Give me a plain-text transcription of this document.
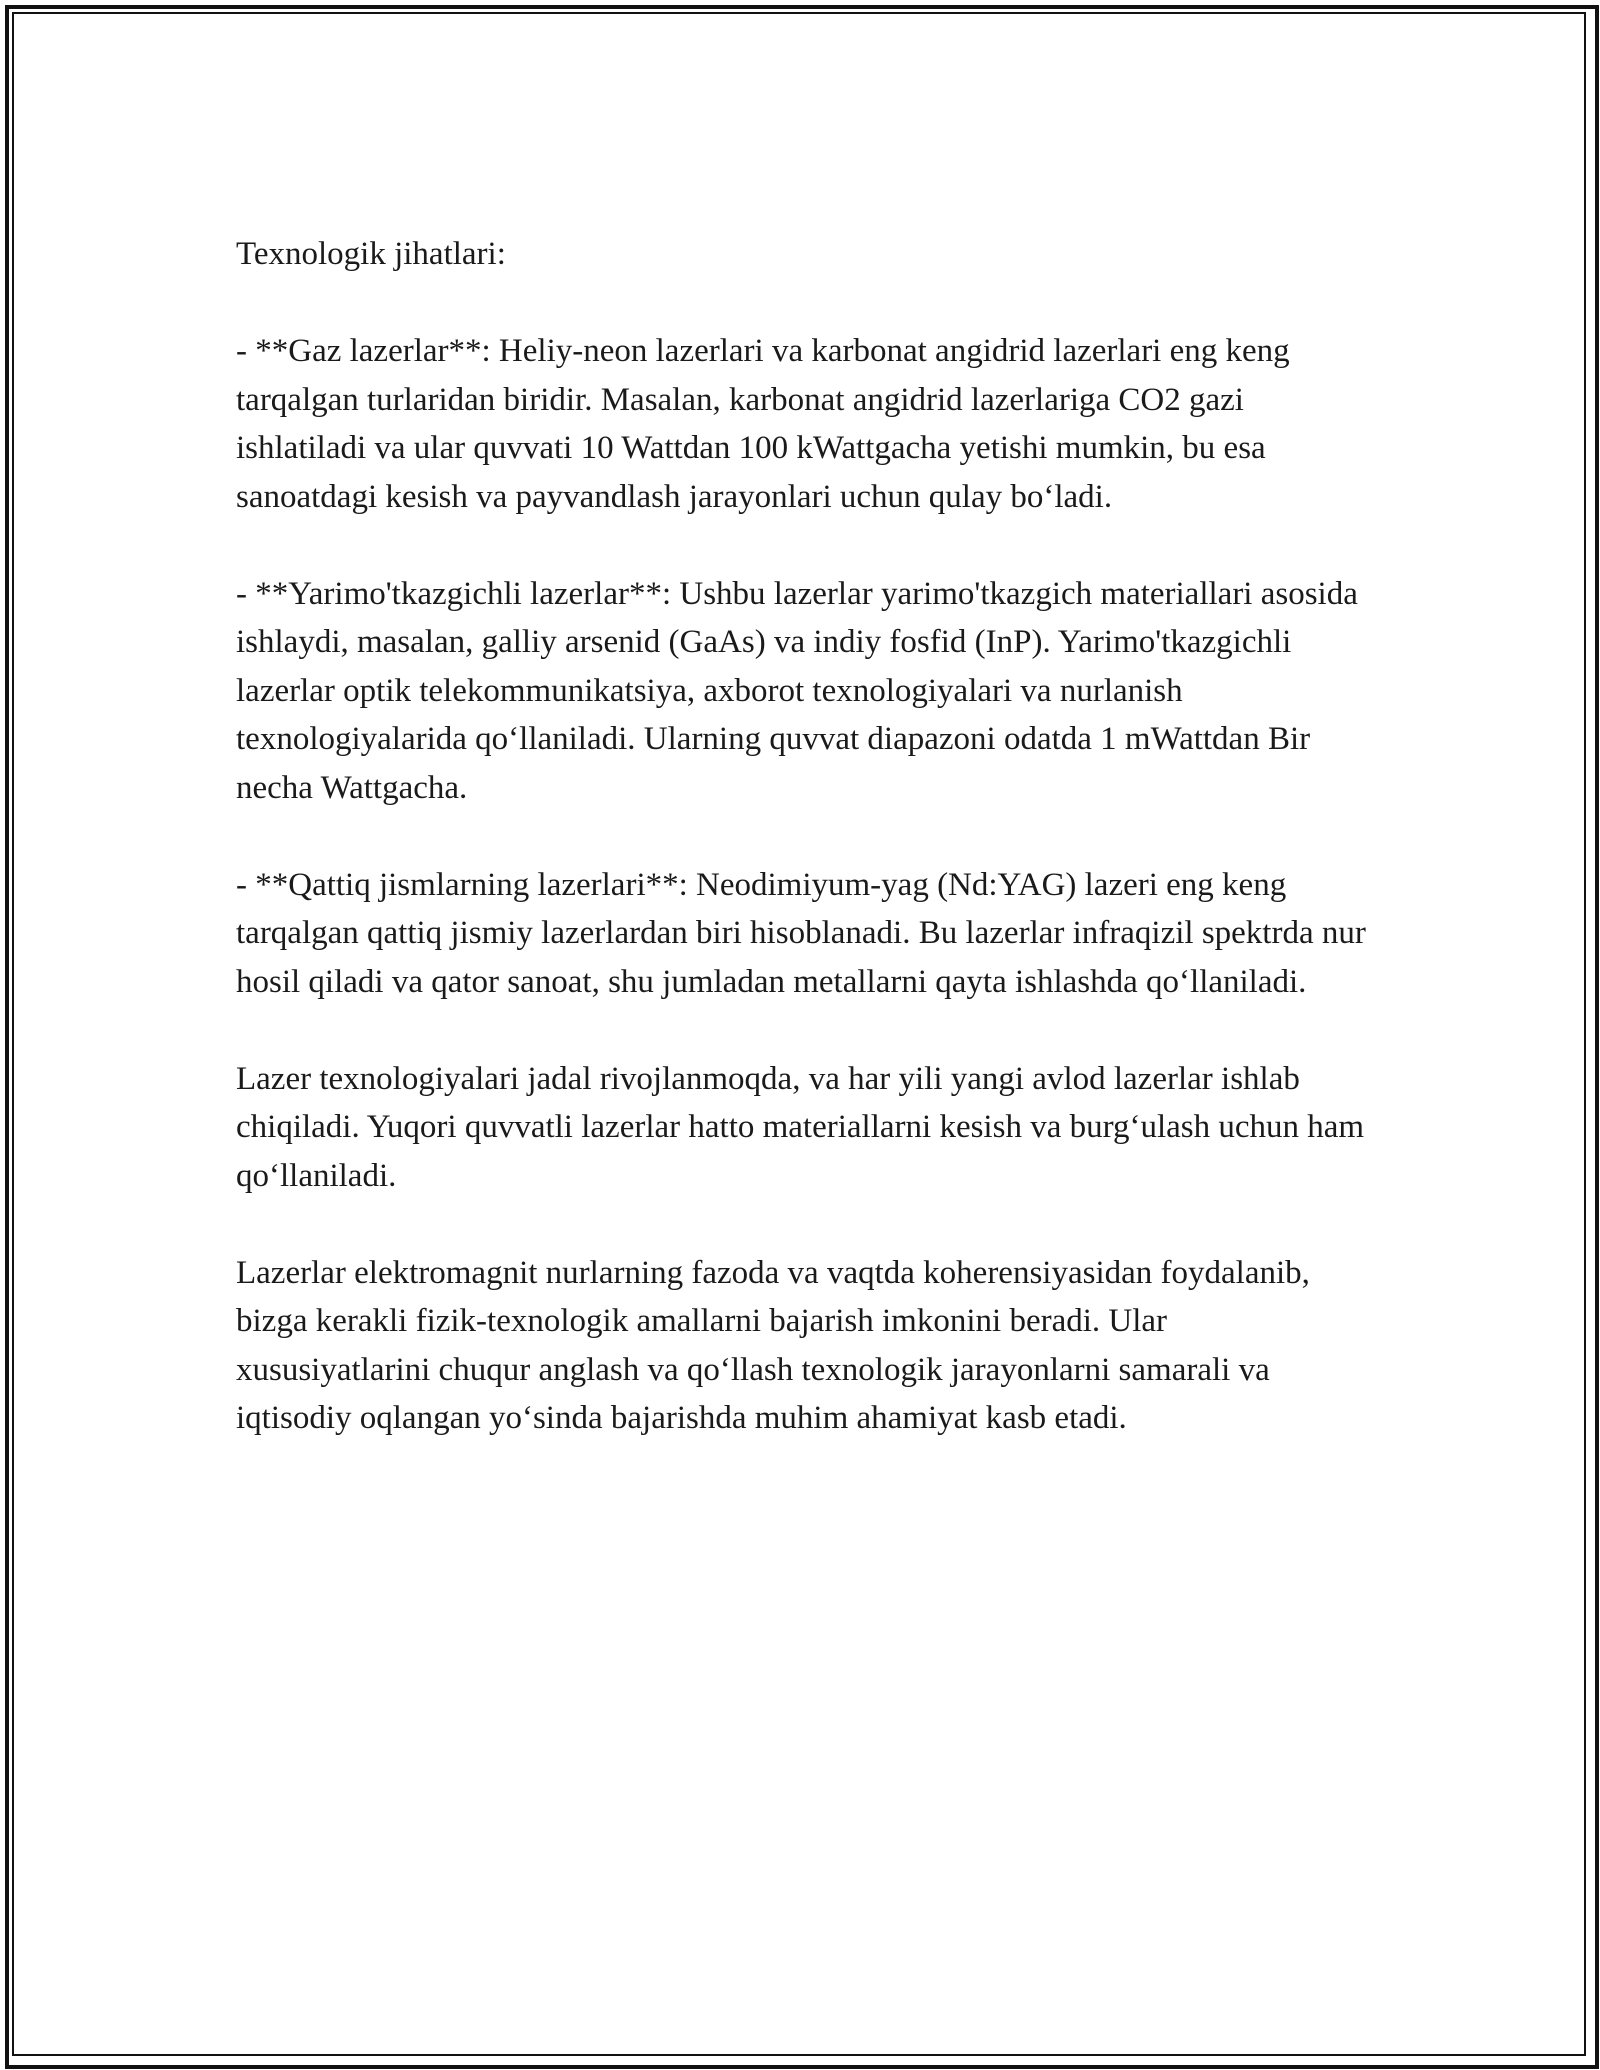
Texnologik jihatlari:

- **Gaz lazerlar**: Heliy-neon lazerlari va karbonat angidrid lazerlari eng keng tarqalgan turlaridan biridir. Masalan, karbonat angidrid lazerlariga CO2 gazi ishlatiladi va ular quvvati 10 Wattdan 100 kWattgacha yetishi mumkin, bu esa sanoatdagi kesish va payvandlash jarayonlari uchun qulay bo‘ladi.

- **Yarimo'tkazgichli lazerlar**: Ushbu lazerlar yarimo'tkazgich materiallari asosida ishlaydi, masalan, galliy arsenid (GaAs) va indiy fosfid (InP). Yarimo'tkazgichli lazerlar optik telekommunikatsiya, axborot texnologiyalari va nurlanish texnologiyalarida qo‘llaniladi. Ularning quvvat diapazoni odatda 1 mWattdan Bir necha Wattgacha.

- **Qattiq jismlarning lazerlari**: Neodimiyum-yag (Nd:YAG) lazeri eng keng tarqalgan qattiq jismiy lazerlardan biri hisoblanadi. Bu lazerlar infraqizil spektrda nur hosil qiladi va qator sanoat, shu jumladan metallarni qayta ishlashda qo‘llaniladi.

Lazer texnologiyalari jadal rivojlanmoqda, va har yili yangi avlod lazerlar ishlab chiqiladi. Yuqori quvvatli lazerlar hatto materiallarni kesish va burg‘ulash uchun ham qo‘llaniladi.

Lazerlar elektromagnit nurlarning fazoda va vaqtda koherensiyasidan foydalanib, bizga kerakli fizik-texnologik amallarni bajarish imkonini beradi. Ular xususiyatlarini chuqur anglash va qo‘llash texnologik jarayonlarni samarali va iqtisodiy oqlangan yo‘sinda bajarishda muhim ahamiyat kasb etadi.
